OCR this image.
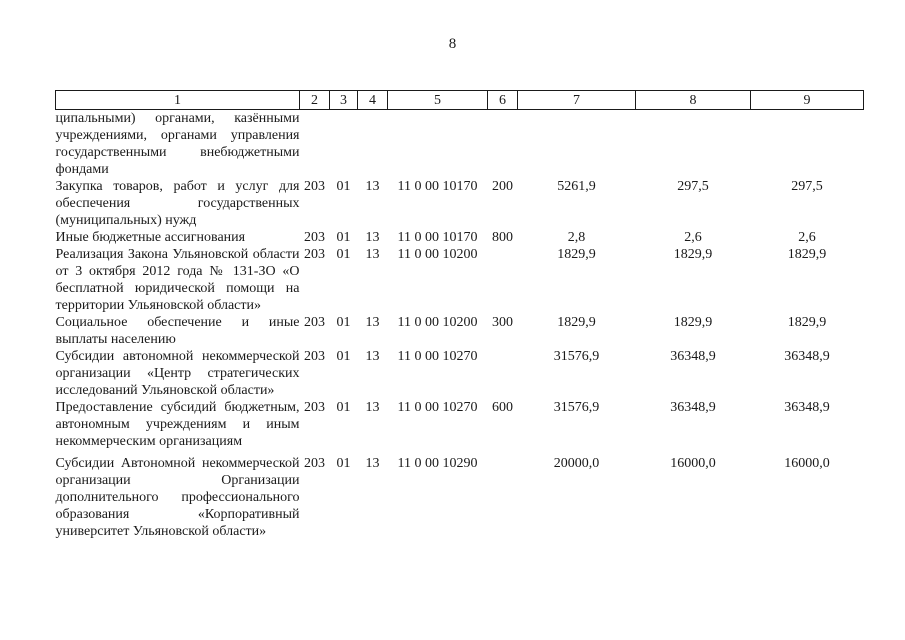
8
1	2	3	4	5	6	7	8	9
ципальными) органами, казёнными учреждениями, органами управления государственными внебюджетными фондами								
Закупка товаров, работ и услуг для обеспечения государственных (муниципальных) нужд	203	01	13	11 0 00 10170	200	5261,9	297,5	297,5
Иные бюджетные ассигнования	203	01	13	11 0 00 10170	800	2,8	2,6	2,6
Реализация Закона Ульяновской области от 3 октября 2012 года № 131-ЗО «О бесплатной юридической помощи на территории Ульяновской области»	203	01	13	11 0 00 10200		1829,9	1829,9	1829,9
Социальное обеспечение и иные выплаты населению	203	01	13	11 0 00 10200	300	1829,9	1829,9	1829,9
Субсидии автономной некоммерческой организации «Центр стратегических исследований Ульяновской области»	203	01	13	11 0 00 10270		31576,9	36348,9	36348,9
Предоставление субсидий бюджетным, автономным учреждениям и иным некоммерческим организациям	203	01	13	11 0 00 10270	600	31576,9	36348,9	36348,9
Субсидии Автономной некоммерческой организации Организации дополнительного профессионального образования «Корпоративный университет Ульяновской области»	203	01	13	11 0 00 10290		20000,0	16000,0	16000,0
